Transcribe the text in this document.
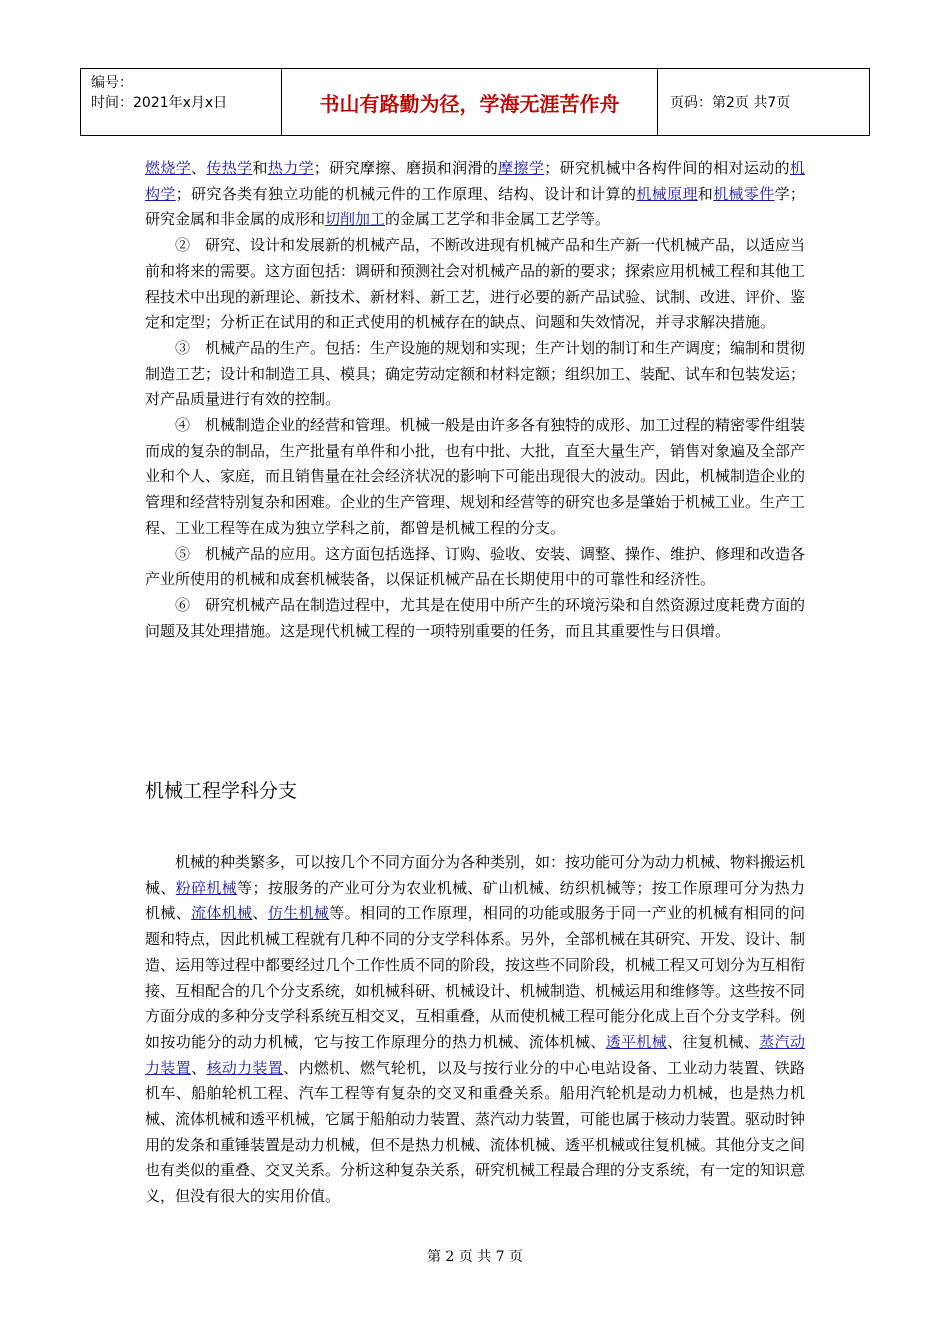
编号：
时间：2021年x月x日	书山有路勤为径，学海无涯苦作舟	页码：第2页 共7页

燃烧学、传热学和热力学；研究摩擦、磨损和润滑的摩擦学；研究机械中各构件间的相对运动的机构学；研究各类有独立功能的机械元件的工作原理、结构、设计和计算的机械原理和机械零件学；研究金属和非金属的成形和切削加工的金属工艺学和非金属工艺学等。

②　研究、设计和发展新的机械产品，不断改进现有机械产品和生产新一代机械产品，以适应当前和将来的需要。这方面包括：调研和预测社会对机械产品的新的要求；探索应用机械工程和其他工程技术中出现的新理论、新技术、新材料、新工艺，进行必要的新产品试验、试制、改进、评价、鉴定和定型；分析正在试用的和正式使用的机械存在的缺点、问题和失效情况，并寻求解决措施。

③　机械产品的生产。包括：生产设施的规划和实现；生产计划的制订和生产调度；编制和贯彻制造工艺；设计和制造工具、模具；确定劳动定额和材料定额；组织加工、装配、试车和包装发运；对产品质量进行有效的控制。

④　机械制造企业的经营和管理。机械一般是由许多各有独特的成形、加工过程的精密零件组装而成的复杂的制品，生产批量有单件和小批，也有中批、大批，直至大量生产，销售对象遍及全部产业和个人、家庭，而且销售量在社会经济状况的影响下可能出现很大的波动。因此，机械制造企业的管理和经营特别复杂和困难。企业的生产管理、规划和经营等的研究也多是肇始于机械工业。生产工程、工业工程等在成为独立学科之前，都曾是机械工程的分支。

⑤　机械产品的应用。这方面包括选择、订购、验收、安装、调整、操作、维护、修理和改造各产业所使用的机械和成套机械装备，以保证机械产品在长期使用中的可靠性和经济性。

⑥　研究机械产品在制造过程中，尤其是在使用中所产生的环境污染和自然资源过度耗费方面的问题及其处理措施。这是现代机械工程的一项特别重要的任务，而且其重要性与日俱增。

机械工程学科分支

机械的种类繁多，可以按几个不同方面分为各种类别，如：按功能可分为动力机械、物料搬运机械、粉碎机械等；按服务的产业可分为农业机械、矿山机械、纺织机械等；按工作原理可分为热力机械、流体机械、仿生机械等。相同的工作原理，相同的功能或服务于同一产业的机械有相同的问题和特点，因此机械工程就有几种不同的分支学科体系。另外，全部机械在其研究、开发、设计、制造、运用等过程中都要经过几个工作性质不同的阶段，按这些不同阶段，机械工程又可划分为互相衔接、互相配合的几个分支系统，如机械科研、机械设计、机械制造、机械运用和维修等。这些按不同方面分成的多种分支学科系统互相交叉，互相重叠，从而使机械工程可能分化成上百个分支学科。例如按功能分的动力机械，它与按工作原理分的热力机械、流体机械、透平机械、往复机械、蒸汽动力装置、核动力装置、内燃机、燃气轮机，以及与按行业分的中心电站设备、工业动力装置、铁路机车、船舶轮机工程、汽车工程等有复杂的交叉和重叠关系。船用汽轮机是动力机械，也是热力机械、流体机械和透平机械，它属于船舶动力装置、蒸汽动力装置，可能也属于核动力装置。驱动时钟用的发条和重锤装置是动力机械，但不是热力机械、流体机械、透平机械或往复机械。其他分支之间也有类似的重叠、交叉关系。分析这种复杂关系，研究机械工程最合理的分支系统，有一定的知识意义，但没有很大的实用价值。

第 2 页 共 7 页
